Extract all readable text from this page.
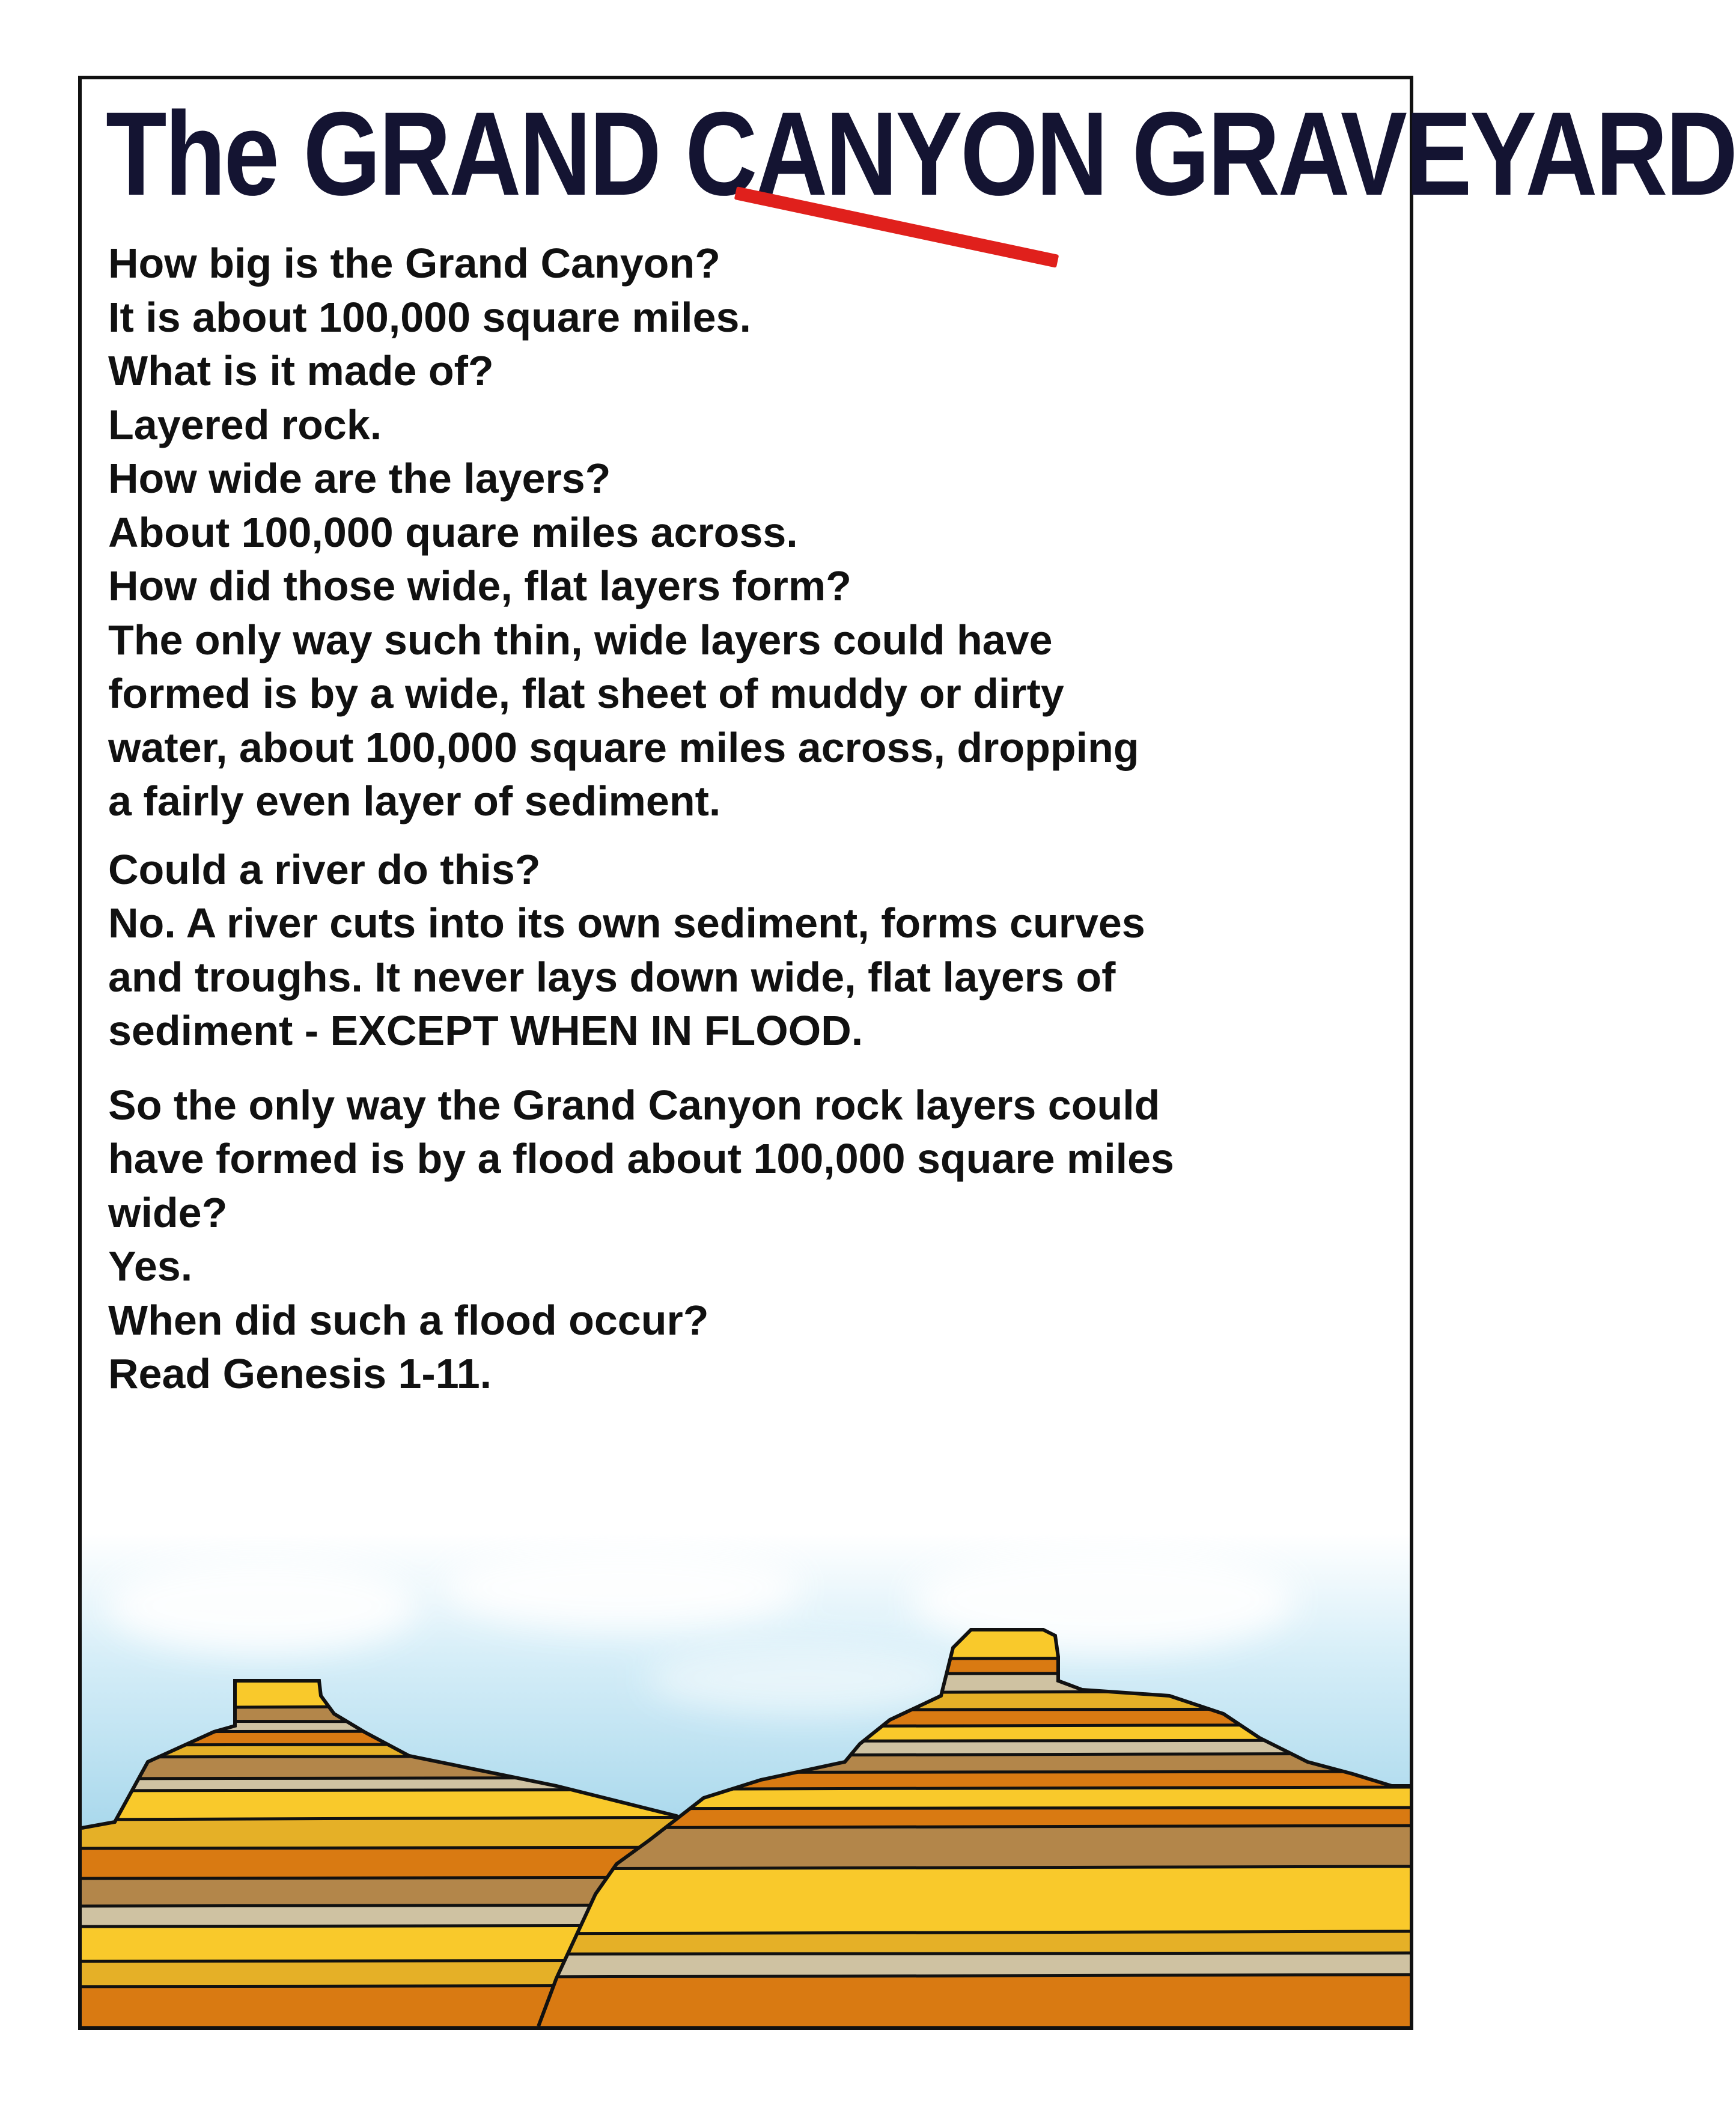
The GRAND CANYON GRAVEYARD
How big is the Grand Canyon?
It is about 100,000 square miles.
What is it made of?
Layered rock.
How wide are the layers?
About 100,000 quare miles across.
How did those wide, flat layers form?
The only way such thin, wide layers could have
formed is by a wide, flat sheet of muddy or dirty
water, about 100,000 square miles across, dropping
a fairly even layer of sediment.
Could a river do this?
No. A river cuts into its own sediment, forms curves
and troughs. It never lays down wide, flat layers of
sediment - EXCEPT WHEN IN FLOOD.
So the only way the Grand Canyon rock layers could
have formed is by a flood about 100,000 square miles
wide?
Yes.
When did such a flood occur?
Read Genesis 1-11.
